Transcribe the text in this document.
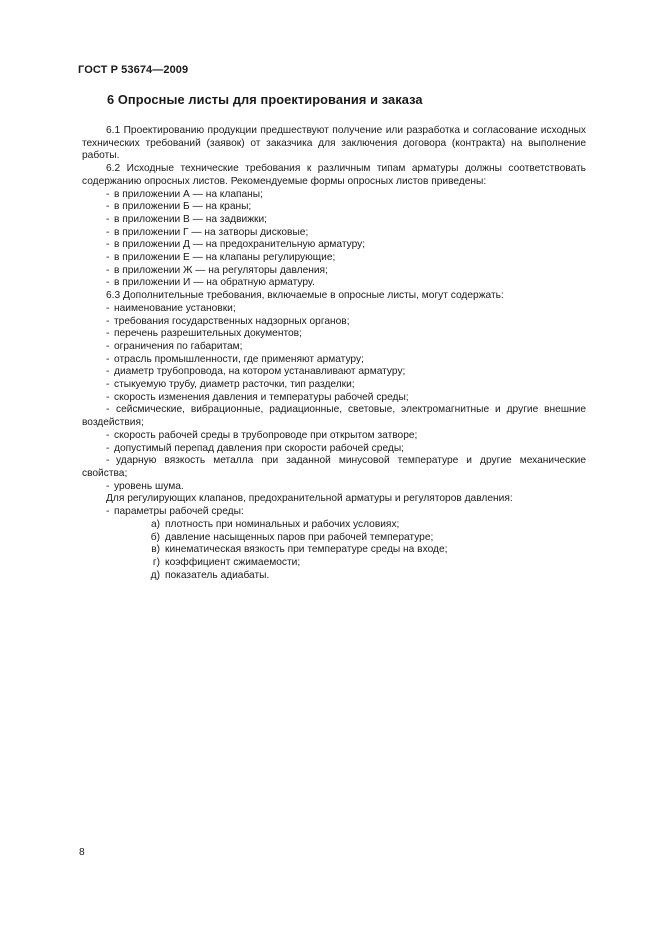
ГОСТ Р 53674—2009
6 Опросные листы для проектирования и заказа

6.1 Проектированию продукции предшествуют получение или разработка и согласование исходных технических требований (заявок) от заказчика для заключения договора (контракта) на выполнение работы.

6.2 Исходные технические требования к различным типам арматуры должны соответствовать содержанию опросных листов. Рекомендуемые формы опросных листов приведены:

- в приложении А — на клапаны;
- в приложении Б — на краны;
- в приложении В — на задвижки;
- в приложении Г — на затворы дисковые;
- в приложении Д — на предохранительную арматуру;
- в приложении Е — на клапаны регулирующие;
- в приложении Ж — на регуляторы давления;
- в приложении И — на обратную арматуру.

6.3 Дополнительные требования, включаемые в опросные листы, могут содержать:

- наименование установки;
- требования государственных надзорных органов;
- перечень разрешительных документов;
- ограничения по габаритам;
- отрасль промышленности, где применяют арматуру;
- диаметр трубопровода, на котором устанавливают арматуру;
- стыкуемую трубу, диаметр расточки, тип разделки;
- скорость изменения давления и температуры рабочей среды;
- сейсмические, вибрационные, радиационные, световые, электромагнитные и другие внешние воздействия;
- скорость рабочей среды в трубопроводе при открытом затворе;
- допустимый перепад давления при скорости рабочей среды;
- ударную вязкость металла при заданной минусовой температуре и другие механические свойства;
- уровень шума.

Для регулирующих клапанов, предохранительной арматуры и регуляторов давления:

- параметры рабочей среды:
а) плотность при номинальных и рабочих условиях;
б) давление насыщенных паров при рабочей температуре;
в) кинематическая вязкость при температуре среды на входе;
г) коэффициент сжимаемости;
д) показатель адиабаты.
8
